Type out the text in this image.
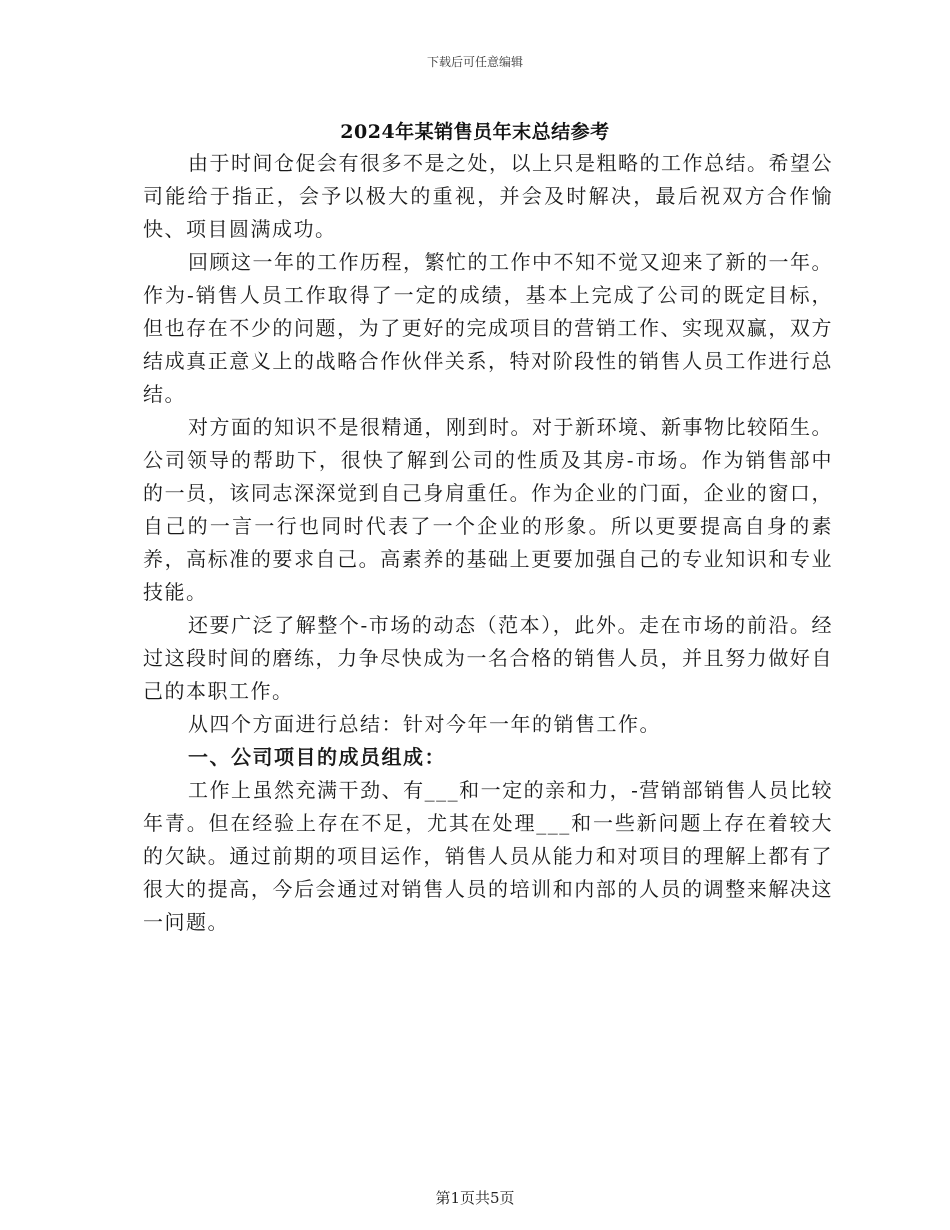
下载后可任意编辑
2024年某销售员年末总结参考

由于时间仓促会有很多不是之处，以上只是粗略的工作总结。希望公司能给于指正，会予以极大的重视，并会及时解决，最后祝双方合作愉快、项目圆满成功。

回顾这一年的工作历程，繁忙的工作中不知不觉又迎来了新的一年。作为-销售人员工作取得了一定的成绩，基本上完成了公司的既定目标，但也存在不少的问题，为了更好的完成项目的营销工作、实现双赢，双方结成真正意义上的战略合作伙伴关系，特对阶段性的销售人员工作进行总结。

对方面的知识不是很精通，刚到时。对于新环境、新事物比较陌生。公司领导的帮助下，很快了解到公司的性质及其房-市场。作为销售部中的一员，该同志深深觉到自己身肩重任。作为企业的门面，企业的窗口，自己的一言一行也同时代表了一个企业的形象。所以更要提高自身的素养，高标准的要求自己。高素养的基础上更要加强自己的专业知识和专业技能。

还要广泛了解整个-市场的动态（范本），此外。走在市场的前沿。经过这段时间的磨练，力争尽快成为一名合格的销售人员，并且努力做好自己的本职工作。

从四个方面进行总结：针对今年一年的销售工作。

一、公司项目的成员组成：

工作上虽然充满干劲、有___和一定的亲和力，-营销部销售人员比较年青。但在经验上存在不足，尤其在处理___和一些新问题上存在着较大的欠缺。通过前期的项目运作，销售人员从能力和对项目的理解上都有了很大的提高，今后会通过对销售人员的培训和内部的人员的调整来解决这一问题。

第1页共5页
